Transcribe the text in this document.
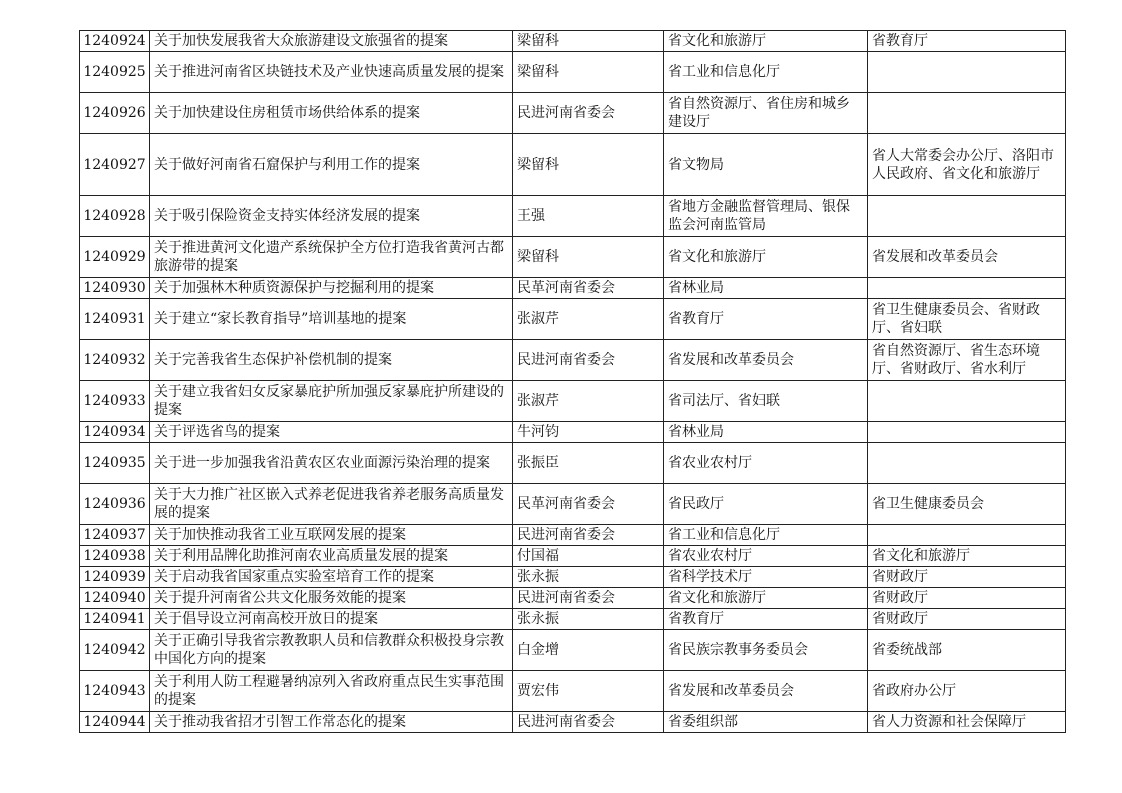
1240924	关于加快发展我省大众旅游建设文旅强省的提案	梁留科	省文化和旅游厅	省教育厅
1240925	关于推进河南省区块链技术及产业快速高质量发展的提案	梁留科	省工业和信息化厅	
1240926	关于加快建设住房租赁市场供给体系的提案	民进河南省委会	省自然资源厅、省住房和城乡建设厅	
1240927	关于做好河南省石窟保护与利用工作的提案	梁留科	省文物局	省人大常委会办公厅、洛阳市人民政府、省文化和旅游厅
1240928	关于吸引保险资金支持实体经济发展的提案	王强	省地方金融监督管理局、银保监会河南监管局	
1240929	关于推进黄河文化遗产系统保护全方位打造我省黄河古都旅游带的提案	梁留科	省文化和旅游厅	省发展和改革委员会
1240930	关于加强林木种质资源保护与挖掘利用的提案	民革河南省委会	省林业局	
1240931	关于建立“家长教育指导”培训基地的提案	张淑芹	省教育厅	省卫生健康委员会、省财政厅、省妇联
1240932	关于完善我省生态保护补偿机制的提案	民进河南省委会	省发展和改革委员会	省自然资源厅、省生态环境厅、省财政厅、省水利厅
1240933	关于建立我省妇女反家暴庇护所加强反家暴庇护所建设的提案	张淑芹	省司法厅、省妇联	
1240934	关于评选省鸟的提案	牛河钧	省林业局	
1240935	关于进一步加强我省沿黄农区农业面源污染治理的提案	张振臣	省农业农村厅	
1240936	关于大力推广社区嵌入式养老促进我省养老服务高质量发展的提案	民革河南省委会	省民政厅	省卫生健康委员会
1240937	关于加快推动我省工业互联网发展的提案	民进河南省委会	省工业和信息化厅	
1240938	关于利用品牌化助推河南农业高质量发展的提案	付国福	省农业农村厅	省文化和旅游厅
1240939	关于启动我省国家重点实验室培育工作的提案	张永振	省科学技术厅	省财政厅
1240940	关于提升河南省公共文化服务效能的提案	民进河南省委会	省文化和旅游厅	省财政厅
1240941	关于倡导设立河南高校开放日的提案	张永振	省教育厅	省财政厅
1240942	关于正确引导我省宗教教职人员和信教群众积极投身宗教中国化方向的提案	白金增	省民族宗教事务委员会	省委统战部
1240943	关于利用人防工程避暑纳凉列入省政府重点民生实事范围的提案	贾宏伟	省发展和改革委员会	省政府办公厅
1240944	关于推动我省招才引智工作常态化的提案	民进河南省委会	省委组织部	省人力资源和社会保障厅
